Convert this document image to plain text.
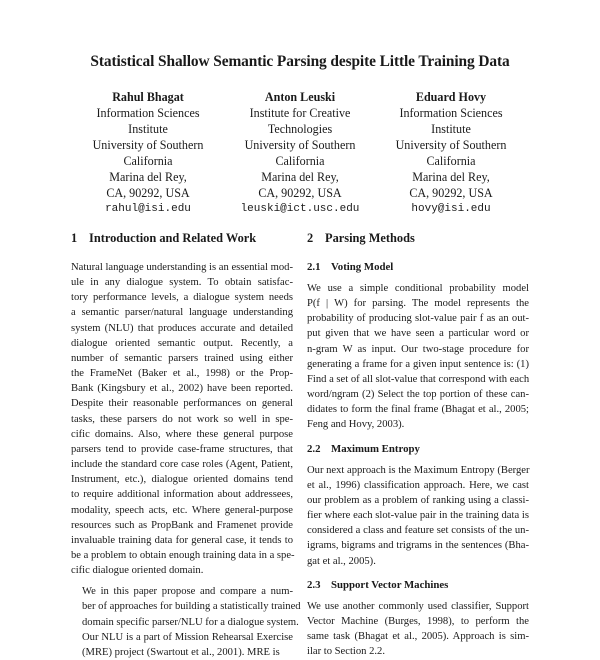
Statistical Shallow Semantic Parsing despite Little Training Data
Rahul Bhagat
Information Sciences
Institute
University of Southern
California
Marina del Rey,
CA, 90292, USA
rahul@isi.edu
Anton Leuski
Institute for Creative
Technologies
University of Southern
California
Marina del Rey,
CA, 90292, USA
leuski@ict.usc.edu
Eduard Hovy
Information Sciences
Institute
University of Southern
California
Marina del Rey,
CA, 90292, USA
hovy@isi.edu
1 Introduction and Related Work

Natural language understanding is an essential mod-
ule in any dialogue system. To obtain satisfac-
tory performance levels, a dialogue system needs
a semantic parser/natural language understanding
system (NLU) that produces accurate and detailed
dialogue oriented semantic output. Recently, a
number of semantic parsers trained using either
the FrameNet (Baker et al., 1998) or the Prop-
Bank (Kingsbury et al., 2002) have been reported.
Despite their reasonable performances on general
tasks, these parsers do not work so well in spe-
cific domains. Also, where these general purpose
parsers tend to provide case-frame structures, that
include the standard core case roles (Agent, Patient,
Instrument, etc.), dialogue oriented domains tend
to require additional information about addressees,
modality, speech acts, etc. Where general-purpose
resources such as PropBank and Framenet provide
invaluable training data for general case, it tends to
be a problem to obtain enough training data in a spe-
cific dialogue oriented domain.

We in this paper propose and compare a num-
ber of approaches for building a statistically trained
domain specific parser/NLU for a dialogue system.
Our NLU is a part of Mission Rehearsal Exercise
(MRE) project (Swartout et al., 2001). MRE is

2 Parsing Methods
2.1 Voting Model

We use a simple conditional probability model
P(f | W) for parsing. The model represents the
probability of producing slot-value pair f as an out-
put given that we have seen a particular word or
n-gram W as input. Our two-stage procedure for
generating a frame for a given input sentence is: (1)
Find a set of all slot-value that correspond with each
word/ngram (2) Select the top portion of these can-
didates to form the final frame (Bhagat et al., 2005;
Feng and Hovy, 2003).

2.2 Maximum Entropy

Our next approach is the Maximum Entropy (Berger
et al., 1996) classification approach. Here, we cast
our problem as a problem of ranking using a classi-
fier where each slot-value pair in the training data is
considered a class and feature set consists of the un-
igrams, bigrams and trigrams in the sentences (Bha-
gat et al., 2005).

2.3 Support Vector Machines

We use another commonly used classifier, Support
Vector Machine (Burges, 1998), to perform the
same task (Bhagat et al., 2005). Approach is sim-
ilar to Section 2.2.
